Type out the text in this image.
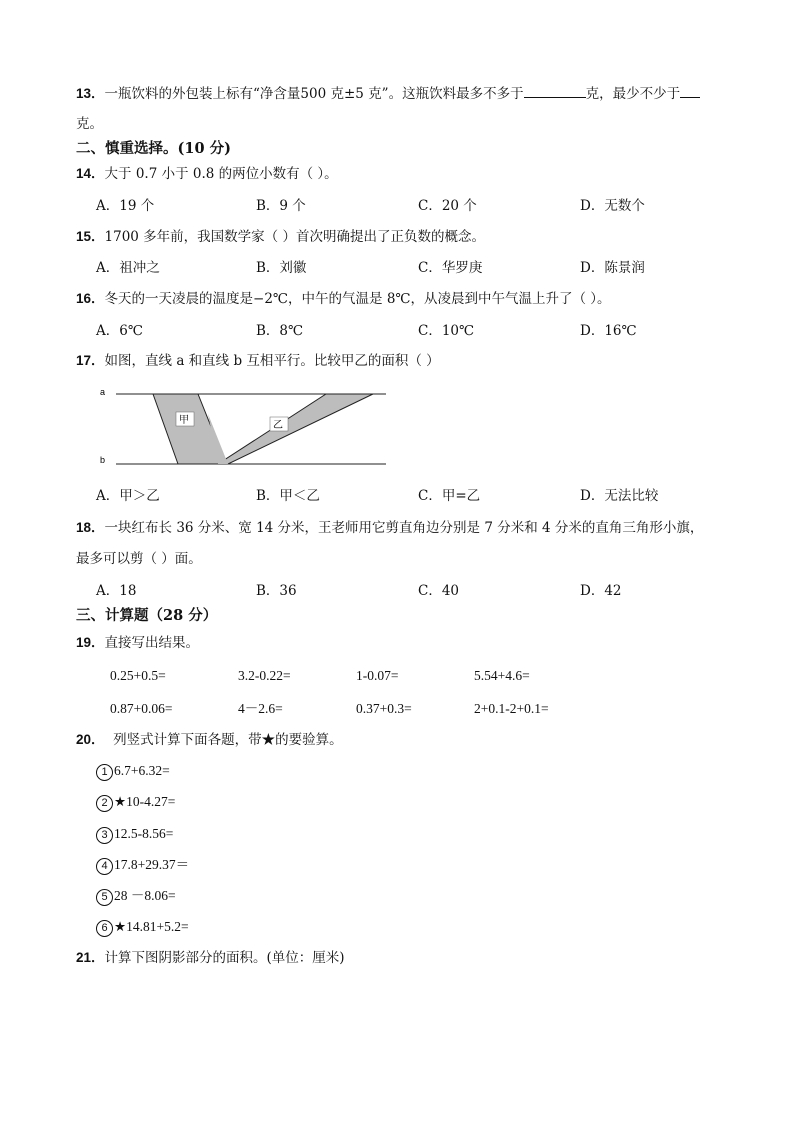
13．一瓶饮料的外包装上标有“净含量500 克±5 克”。这瓶饮料最多不多于	克，最少不少于
克。
二、慎重选择。(10 分)
14．大于 0.7 小于 0.8 的两位小数有（ ）。
A．19 个	B．9 个	C．20 个	D．无数个
15．1700 多年前，我国数学家（ ）首次明确提出了正负数的概念。
A．祖冲之	B．刘徽	C．华罗庚	D．陈景润
16．冬天的一天凌晨的温度是−2℃，中午的气温是 8℃，从凌晨到中午气温上升了（ ）。
A．6℃	B．8℃	C．10℃	D．16℃
17．如图，直线 a 和直线 b 互相平行。比较甲乙的面积（ ）
a
b
甲	乙
A．甲＞乙	B．甲＜乙	C．甲=乙	D．无法比较
18．一块红布长 36 分米、宽 14 分米，王老师用它剪直角边分别是 7 分米和 4 分米的直角三角形小旗，
最多可以剪（ ）面。
A．18	B．36	C．40	D．42
三、计算题（28 分）
19．直接写出结果。
0.25+0.5=	3.2-0.22=	1-0.07=	5.54+4.6=
0.87+0.06=	4－2.6=	0.37+0.3=	2+0.1-2+0.1=
20． 列竖式计算下面各题，带★的要验算。
1 6.7+6.32=
2 ★10-4.27=
3 12.5-8.56=
4 17.8+29.37＝
5 28 －8.06=
6 ★14.81+5.2=
21．计算下图阴影部分的面积。(单位：厘米)
